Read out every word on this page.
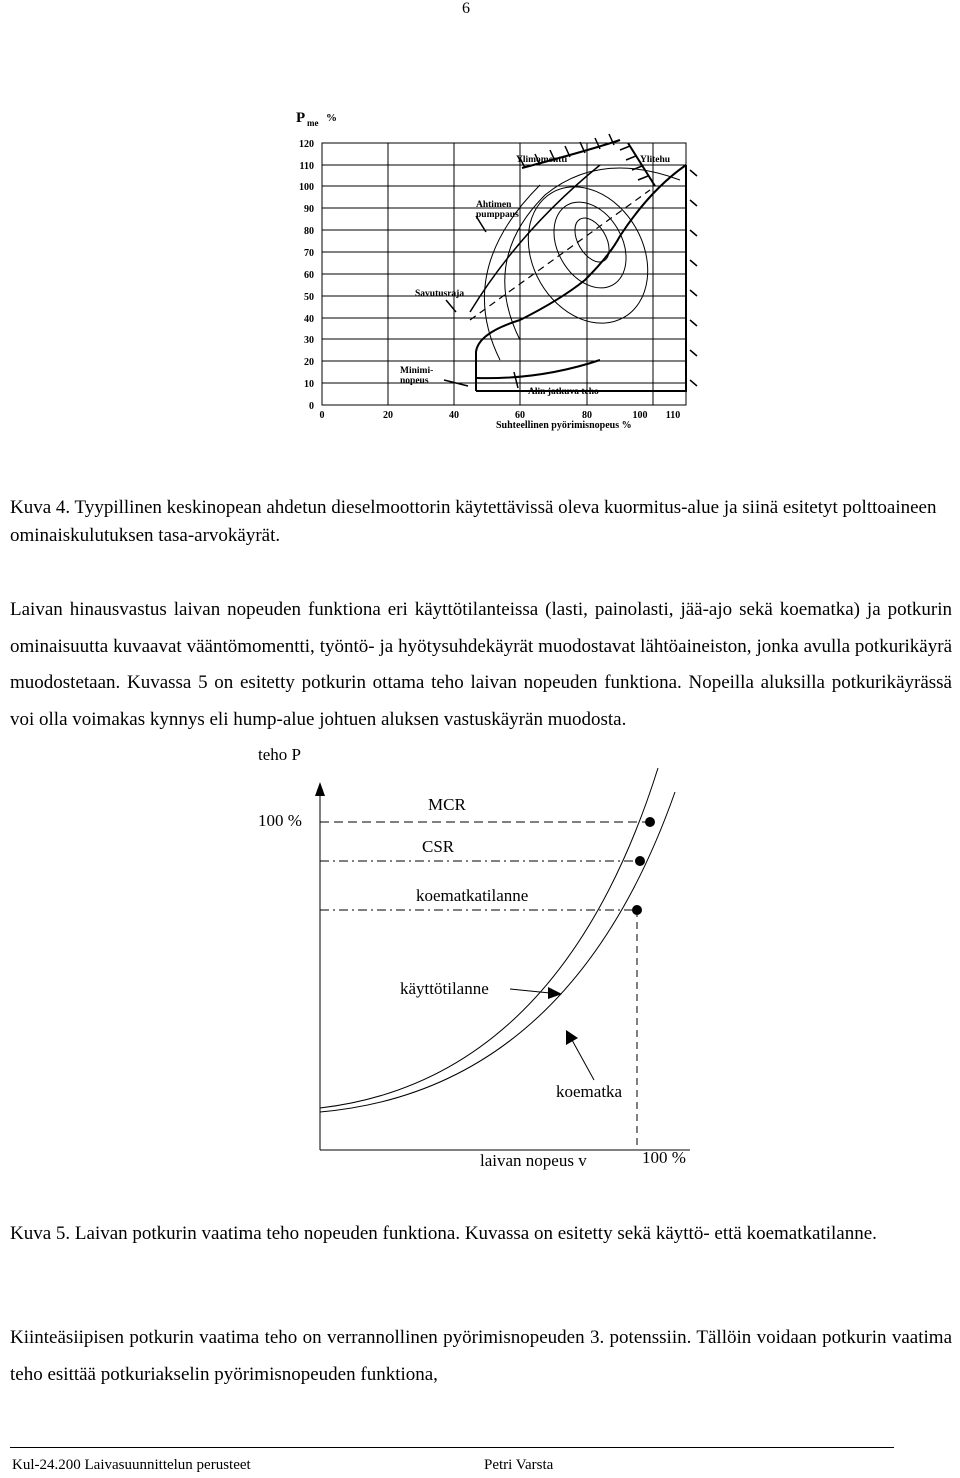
6
P me %
120
110
100
90
80
70
60
50
40
30
20
10
0
0	20	40	60	80	100 110
Suhteellinen pyörimisnopeus %
Ylimomentti	Ylitehu
Ahtimen
pumppaus
Savutusraja
Minimi-
nopeus
Alin jatkuva teho
Kuva 4. Tyypillinen keskinopean ahdetun dieselmoottorin käytettävissä oleva kuormitus-alue ja siinä esitetyt polttoaineen ominaiskulutuksen tasa-arvokäyrät.
Laivan hinausvastus laivan nopeuden funktiona eri käyttötilanteissa (lasti, painolasti, jää-ajo sekä koematka) ja potkurin ominaisuutta kuvaavat vääntömomentti, työntö- ja hyötysuhdekäyrät muodostavat lähtöaineiston, jonka avulla potkurikäyrä muodostetaan. Kuvassa 5 on esitetty potkurin ottama teho laivan nopeuden funktiona. Nopeilla aluksilla potkurikäyrässä voi olla voimakas kynnys eli hump-alue johtuen aluksen vastuskäyrän muodosta.
teho P
100 %
MCR
CSR
koematkatilanne
käyttötilanne
koematka
laivan nopeus v	100 %
Kuva 5. Laivan potkurin vaatima teho nopeuden funktiona. Kuvassa on esitetty sekä käyttö- että koematkatilanne.
Kiinteäsiipisen potkurin vaatima teho on verrannollinen pyörimisnopeuden 3. potenssiin. Tällöin voidaan potkurin vaatima teho esittää potkuriakselin pyörimisnopeuden funktiona,
Kul-24.200 Laivasuunnittelun perusteet	Petri Varsta
